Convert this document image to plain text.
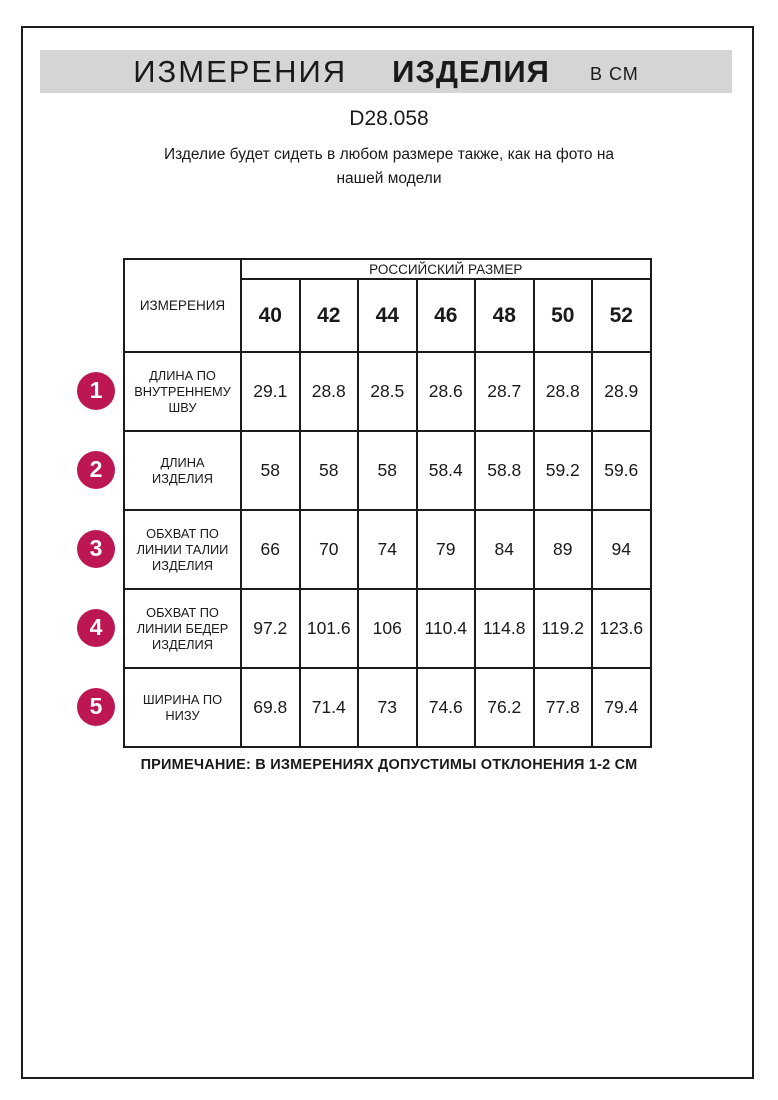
ИЗМЕРЕНИЯ ИЗДЕЛИЯ В СМ
D28.058
Изделие будет сидеть в любом размере также, как на фото на
нашей модели
ИЗМЕРЕНИЯ	РОССИЙСКИЙ РАЗМЕР						
	40	42	44	46	48	50	52
ДЛИНА ПО ВНУТРЕННЕМУ ШВУ	29.1	28.8	28.5	28.6	28.7	28.8	28.9
ДЛИНА ИЗДЕЛИЯ	58	58	58	58.4	58.8	59.2	59.6
ОБХВАТ ПО ЛИНИИ ТАЛИИ ИЗДЕЛИЯ	66	70	74	79	84	89	94
ОБХВАТ ПО ЛИНИИ БЕДЕР ИЗДЕЛИЯ	97.2	101.6	106	110.4	114.8	119.2	123.6
ШИРИНА ПО НИЗУ	69.8	71.4	73	74.6	76.2	77.8	79.4
1
2
3
4
5
ПРИМЕЧАНИЕ: В ИЗМЕРЕНИЯХ ДОПУСТИМЫ ОТКЛОНЕНИЯ 1-2 СМ
